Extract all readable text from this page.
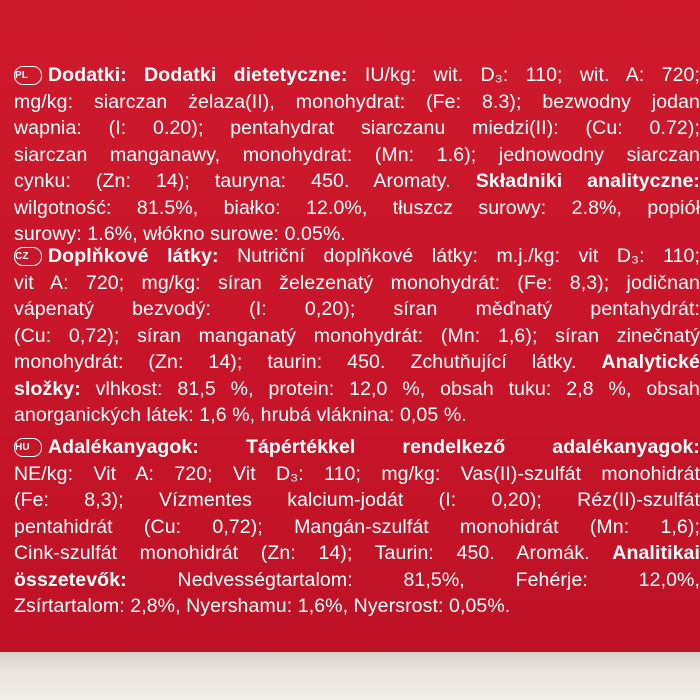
PL Dodatki: Dodatki dietetyczne: IU/kg: wit. D₃: 110; wit. A: 720;

mg/kg: siarczan żelaza(II), monohydrat: (Fe: 8.3); bezwodny jodan

wapnia: (I: 0.20); pentahydrat siarczanu miedzi(II): (Cu: 0.72);

siarczan manganawy, monohydrat: (Mn: 1.6); jednowodny siarczan

cynku: (Zn: 14); tauryna: 450. Aromaty. Składniki analityczne:

wilgotność: 81.5%, białko: 12.0%, tłuszcz surowy: 2.8%, popiół

surowy: 1.6%, włókno surowe: 0.05%.

CZ Doplňkové látky: Nutriční doplňkové látky: m.j./kg: vit D₃: 110;

vit A: 720; mg/kg: síran železenatý monohydrát: (Fe: 8,3); jodičnan

vápenatý bezvodý: (I: 0,20); síran měďnatý pentahydrát:

(Cu: 0,72); síran manganatý monohydrát: (Mn: 1,6); síran zinečnatý

monohydrát: (Zn: 14); taurin: 450. Zchutňující látky. Analytické

složky: vlhkost: 81,5 %, protein: 12,0 %, obsah tuku: 2,8 %, obsah

anorganických látek: 1,6 %, hrubá vláknina: 0,05 %.

HU Adalékanyagok: Tápértékkel rendelkező adalékanyagok:

NE/kg: Vit A: 720; Vit D₃: 110; mg/kg: Vas(II)-szulfát monohidrát

(Fe: 8,3); Vízmentes kalcium-jodát (I: 0,20); Réz(II)-szulfát

pentahidrát (Cu: 0,72); Mangán-szulfát monohidrát (Mn: 1,6);

Cink-szulfát monohidrát (Zn: 14); Taurin: 450. Aromák. Analitikai

összetevők: Nedvességtartalom: 81,5%, Fehérje: 12,0%,

Zsírtartalom: 2,8%, Nyershamu: 1,6%, Nyersrost: 0,05%.
